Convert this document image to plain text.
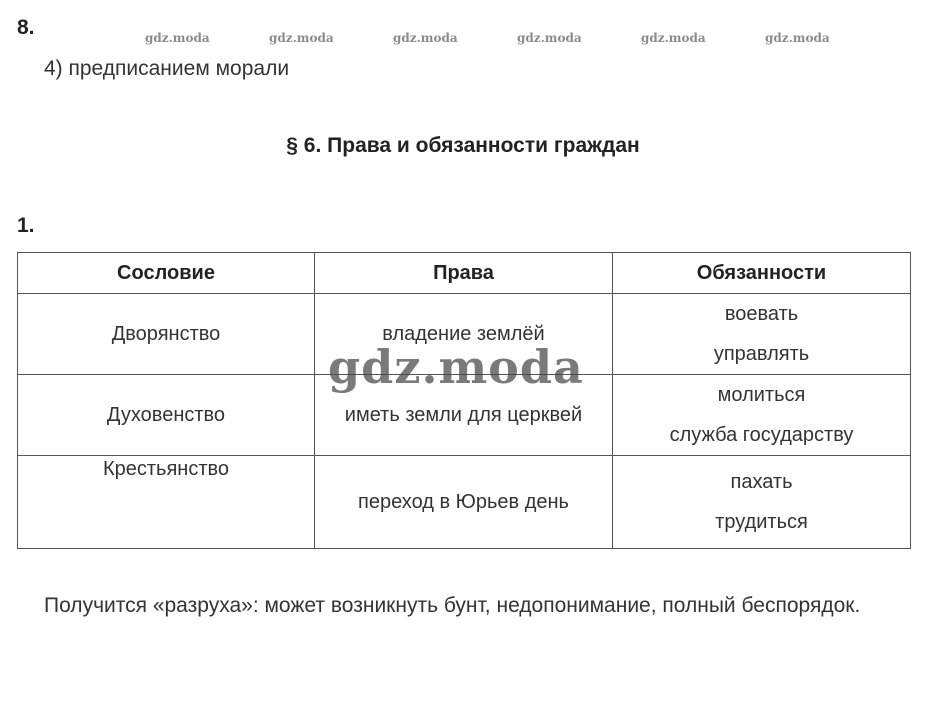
8.	gdz.moda	gdz.moda	gdz.moda	gdz.moda	gdz.moda	gdz.moda
4) предписанием морали
§ 6. Права и обязанности граждан
1.
Сословие	Права	Обязанности
Дворянство	владение землёй	воевать
управлять

Духовенство	иметь земли для церквей	молиться
служба государству

Крестьянство	переход в Юрьев день	пахать
трудиться
gdz.moda
Получится «разруха»: может возникнуть бунт, недопонимание, полный беспорядок.
